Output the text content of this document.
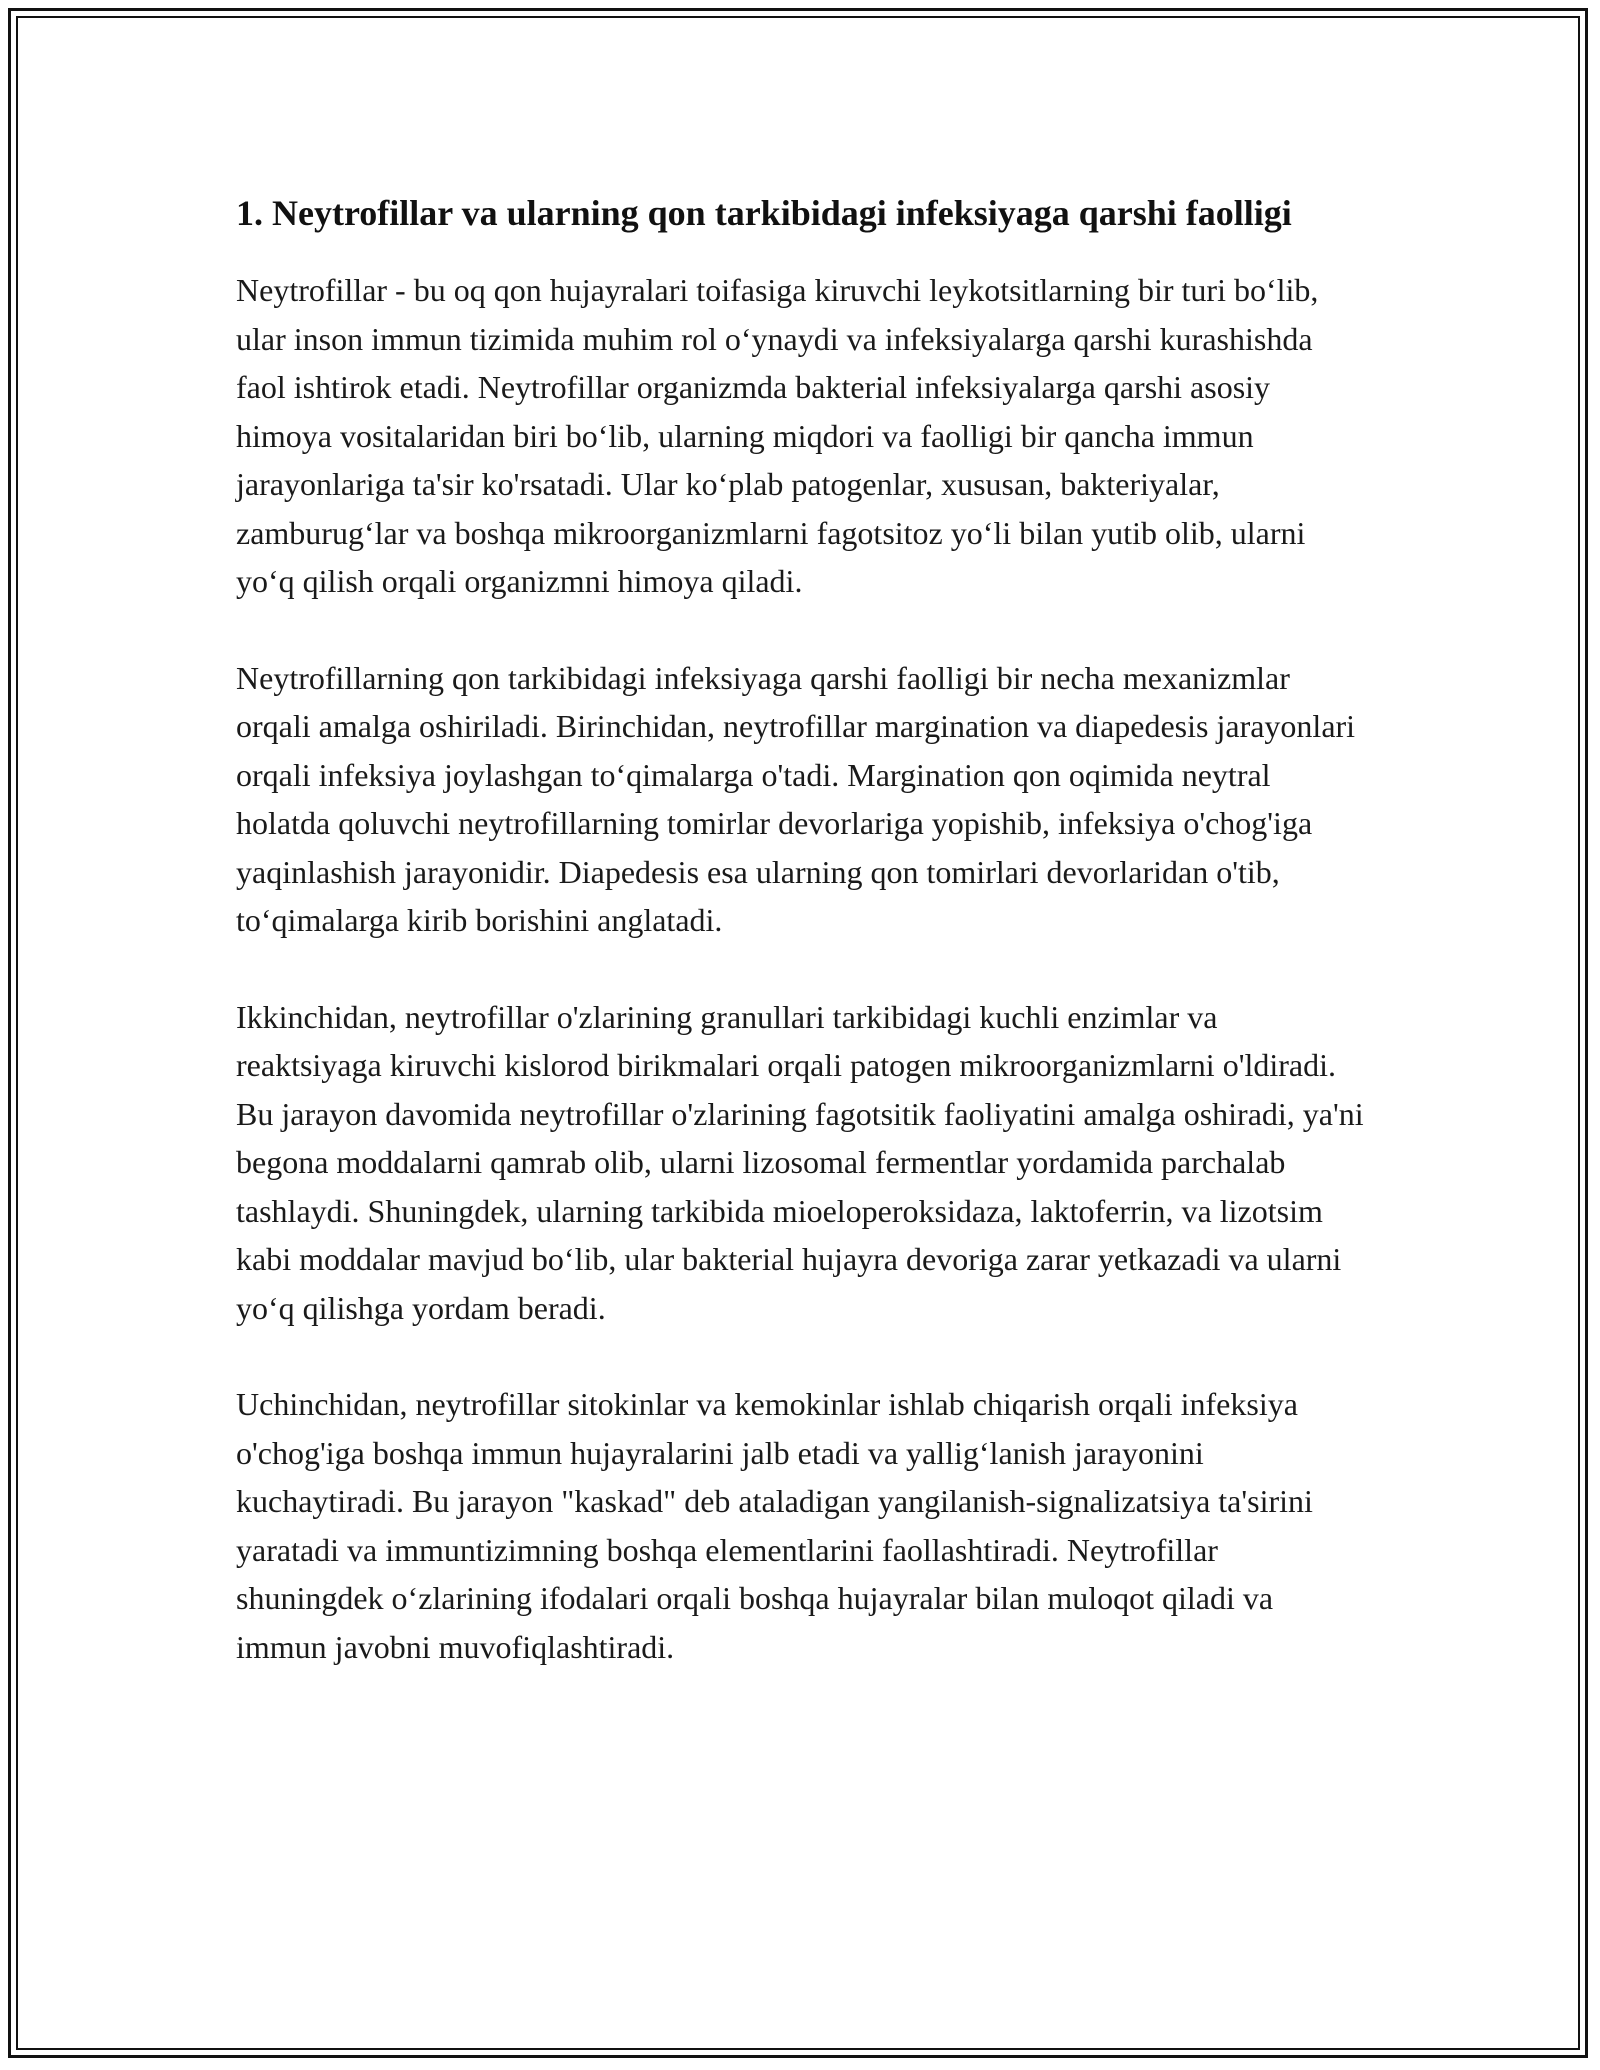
1. Neytrofillar va ularning qon tarkibidagi infeksiyaga qarshi faolligi

Neytrofillar - bu oq qon hujayralari toifasiga kiruvchi leykotsitlarning bir turi bo‘lib, ular inson immun tizimida muhim rol o‘ynaydi va infeksiyalarga qarshi kurashishda faol ishtirok etadi. Neytrofillar organizmda bakterial infeksiyalarga qarshi asosiy himoya vositalaridan biri bo‘lib, ularning miqdori va faolligi bir qancha immun jarayonlariga ta'sir ko'rsatadi. Ular ko‘plab patogenlar, xususan, bakteriyalar, zamburug‘lar va boshqa mikroorganizmlarni fagotsitoz yo‘li bilan yutib olib, ularni yo‘q qilish orqali organizmni himoya qiladi.

Neytrofillarning qon tarkibidagi infeksiyaga qarshi faolligi bir necha mexanizmlar orqali amalga oshiriladi. Birinchidan, neytrofillar margination va diapedesis jarayonlari orqali infeksiya joylashgan to‘qimalarga o'tadi. Margination qon oqimida neytral holatda qoluvchi neytrofillarning tomirlar devorlariga yopishib, infeksiya o'chog'iga yaqinlashish jarayonidir. Diapedesis esa ularning qon tomirlari devorlaridan o'tib, to‘qimalarga kirib borishini anglatadi.

Ikkinchidan, neytrofillar o'zlarining granullari tarkibidagi kuchli enzimlar va reaktsiyaga kiruvchi kislorod birikmalari orqali patogen mikroorganizmlarni o'ldiradi. Bu jarayon davomida neytrofillar o'zlarining fagotsitik faoliyatini amalga oshiradi, ya'ni begona moddalarni qamrab olib, ularni lizosomal fermentlar yordamida parchalab tashlaydi. Shuningdek, ularning tarkibida mioeloperoksidaza, laktoferrin, va lizotsim kabi moddalar mavjud bo‘lib, ular bakterial hujayra devoriga zarar yetkazadi va ularni yo‘q qilishga yordam beradi.

Uchinchidan, neytrofillar sitokinlar va kemokinlar ishlab chiqarish orqali infeksiya o'chog'iga boshqa immun hujayralarini jalb etadi va yallig‘lanish jarayonini kuchaytiradi. Bu jarayon "kaskad" deb ataladigan yangilanish-signalizatsiya ta'sirini yaratadi va immuntizimning boshqa elementlarini faollashtiradi. Neytrofillar shuningdek o‘zlarining ifodalari orqali boshqa hujayralar bilan muloqot qiladi va immun javobni muvofiqlashtiradi.
